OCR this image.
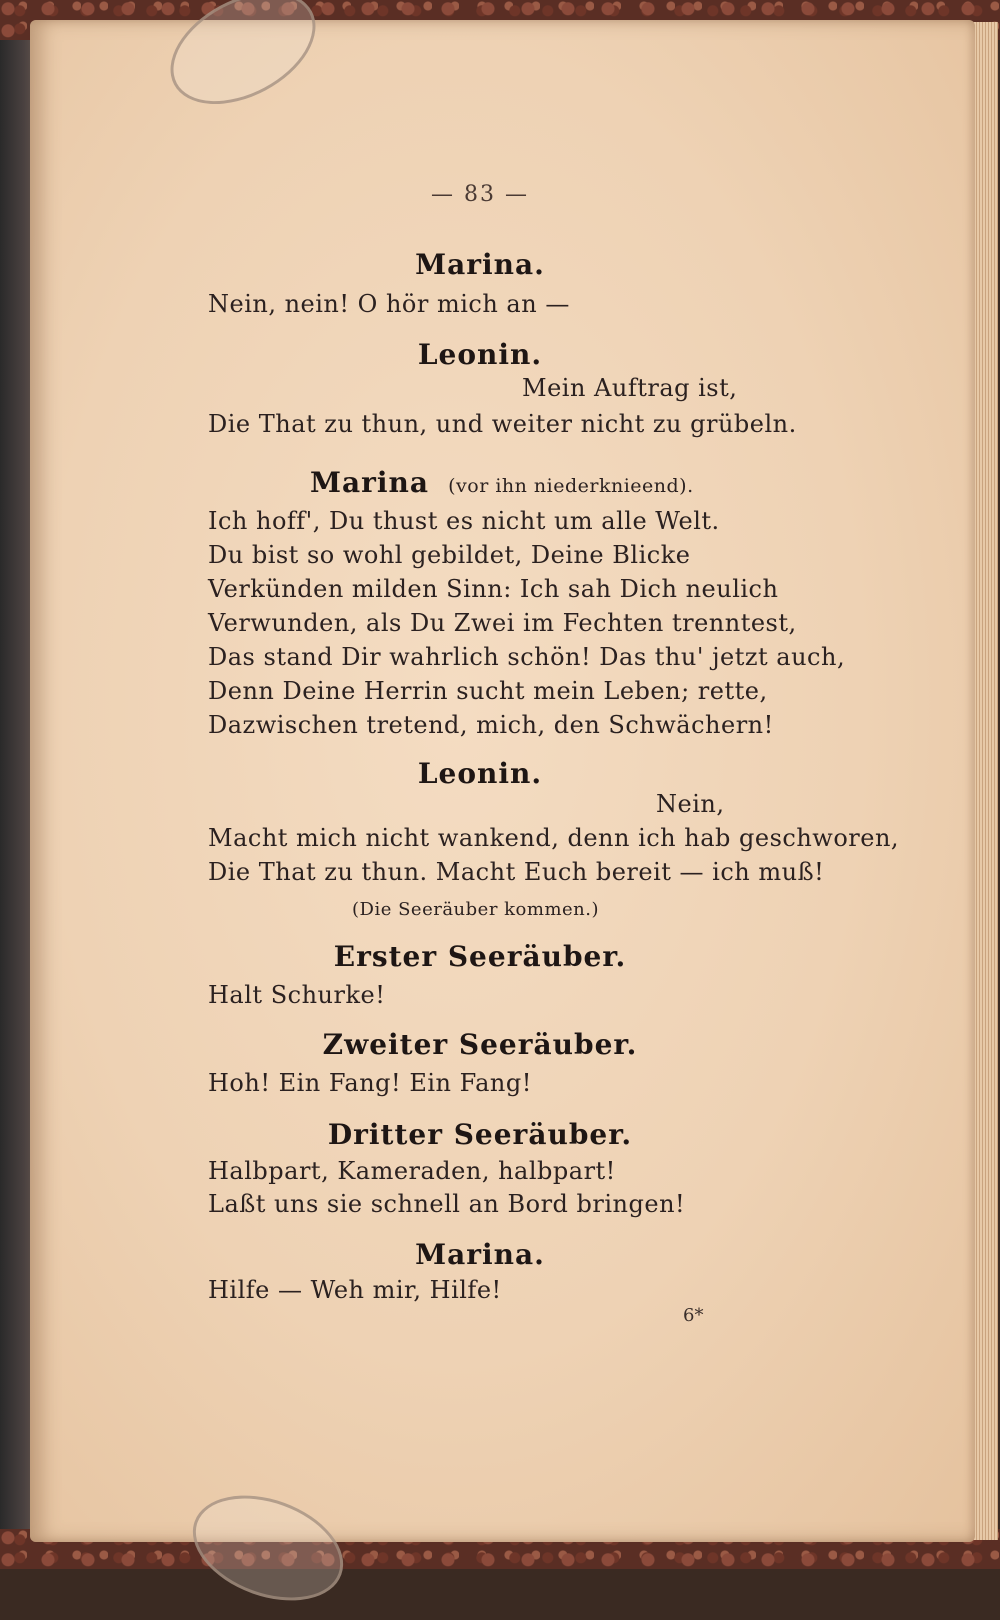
— 83 —
Marina.
Nein, nein! O hör mich an —
Leonin.
Mein Auftrag ist,
Die That zu thun, und weiter nicht zu grübeln.
Marina (vor ihn niederknieend).
Ich hoff', Du thust es nicht um alle Welt.
Du bist so wohl gebildet, Deine Blicke
Verkünden milden Sinn: Ich sah Dich neulich
Verwunden, als Du Zwei im Fechten trenntest,
Das stand Dir wahrlich schön! Das thu' jetzt auch,
Denn Deine Herrin sucht mein Leben; rette,
Dazwischen tretend, mich, den Schwächern!
Leonin.
Nein,
Macht mich nicht wankend, denn ich hab geschworen,
Die That zu thun. Macht Euch bereit — ich muß!
(Die Seeräuber kommen.)
Erster Seeräuber.
Halt Schurke!
Zweiter Seeräuber.
Hoh! Ein Fang! Ein Fang!
Dritter Seeräuber.
Halbpart, Kameraden, halbpart!
Laßt uns sie schnell an Bord bringen!
Marina.
Hilfe — Weh mir, Hilfe!
6*
